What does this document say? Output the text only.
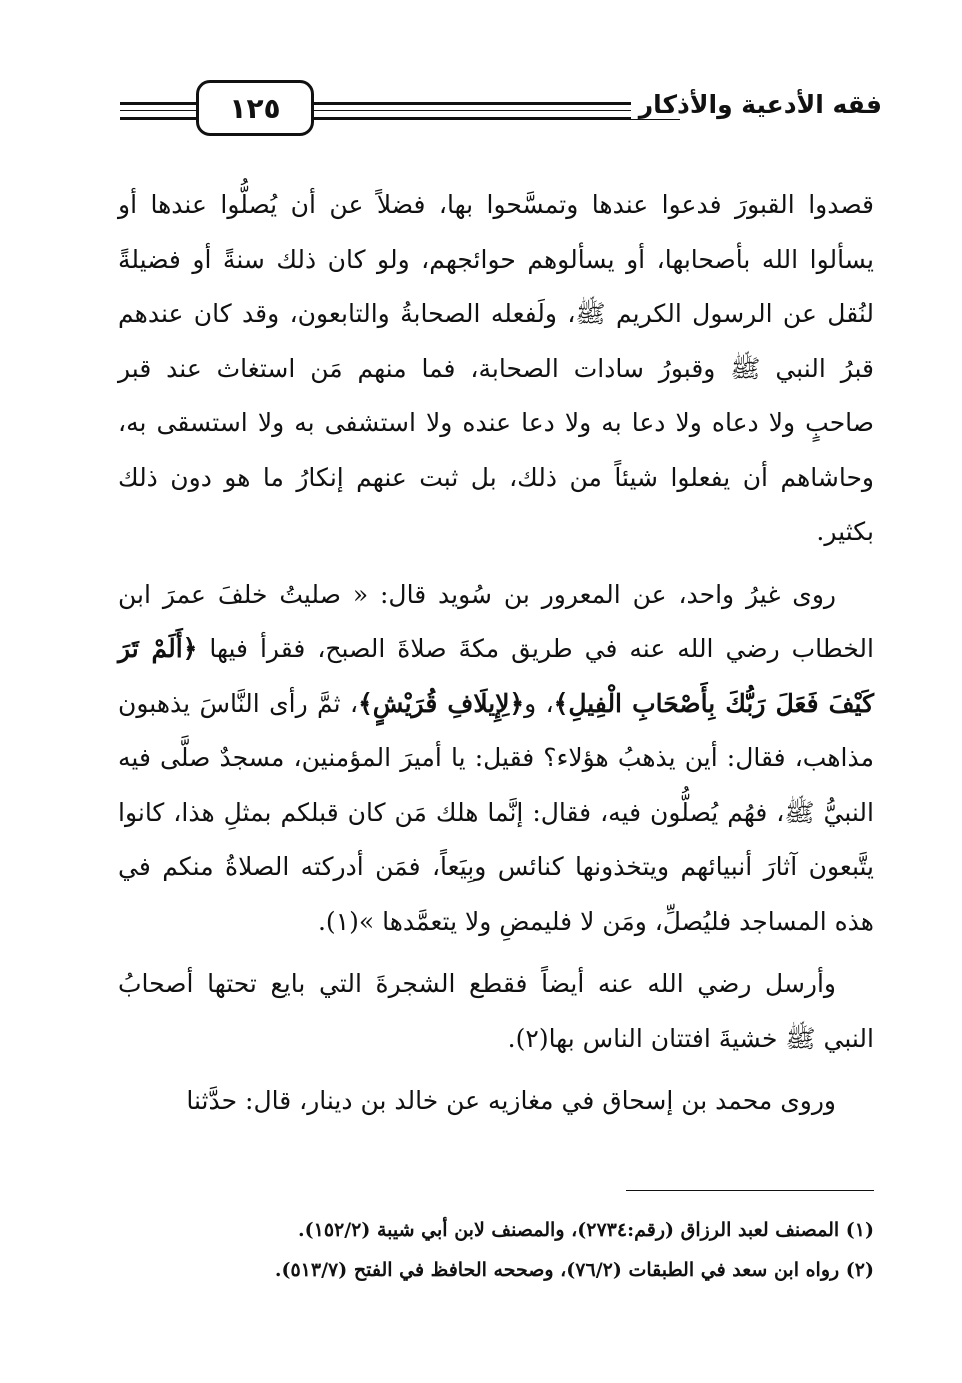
١٢٥	فقه الأدعية والأذكار

قصدوا القبورَ فدعوا عندها وتمسَّحوا بها، فضلاً عن أن يُصلُّوا عندها أو يسألوا الله بأصحابها، أو يسألوهم حوائجهم، ولو كان ذلك سنةً أو فضيلةً لنُقل عن الرسول الكريم ﷺ، ولَفعله الصحابةُ والتابعون، وقد كان عندهم قبرُ النبي ﷺ وقبورُ سادات الصحابة، فما منهم مَن استغاث عند قبر صاحبٍ ولا دعاه ولا دعا به ولا دعا عنده ولا استشفى به ولا استسقى به، وحاشاهم أن يفعلوا شيئاً من ذلك، بل ثبت عنهم إنكارُ ما هو دون ذلك بكثير.

روى غيرُ واحد، عن المعرور بن سُويد قال: « صليتُ خلفَ عمرَ ابن الخطاب رضي الله عنه في طريق مكةَ صلاةَ الصبح، فقرأ فيها ﴿أَلَمْ تَرَ كَيْفَ فَعَلَ رَبُّكَ بِأَصْحَابِ الْفِيلِ﴾، و﴿لِإِيلَافِ قُرَيْشٍ﴾، ثمَّ رأى النَّاسَ يذهبون مذاهب، فقال: أين يذهبُ هؤلاء؟ فقيل: يا أميرَ المؤمنين، مسجدٌ صلَّى فيه النبيُّ ﷺ، فهُم يُصلُّون فيه، فقال: إنَّما هلك مَن كان قبلكم بمثلِ هذا، كانوا يتَّبعون آثارَ أنبيائهم ويتخذونها كنائس وبِيَعاً، فمَن أدركته الصلاةُ منكم في هذه المساجد فليُصلِّ، ومَن لا فليمضِ ولا يتعمَّدها »(١).

وأرسل رضي الله عنه أيضاً فقطع الشجرةَ التي بايع تحتها أصحابُ النبي ﷺ خشيةَ افتتان الناس بها(٢).

وروى محمد بن إسحاق في مغازيه عن خالد بن دينار، قال: حدَّثنا

(١) المصنف لعبد الرزاق (رقم:٢٧٣٤)، والمصنف لابن أبي شيبة (١٥٢/٢).

(٢) رواه ابن سعد في الطبقات (٧٦/٢)، وصححه الحافظ في الفتح (٥١٣/٧).
